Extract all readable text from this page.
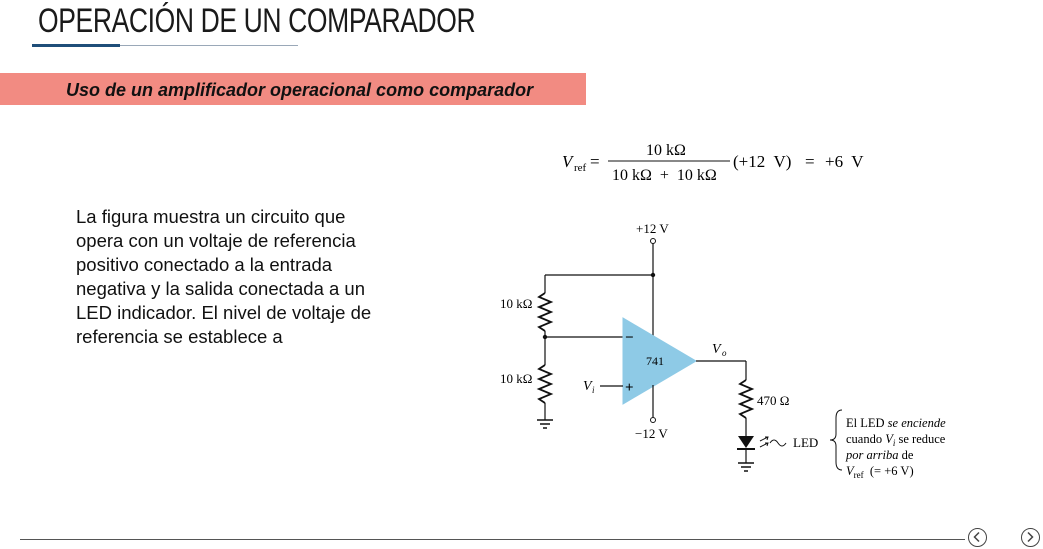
OPERACIÓN DE UN COMPARADOR
Uso de un amplificador operacional como comparador
La figura muestra un circuito que
opera con un voltaje de referencia
positivo conectado a la entrada
negativa y la salida conectada a un
LED indicador. El nivel de voltaje de
referencia se establece a
V ref =
10 kΩ
10 kΩ  +  10 kΩ
(+12  V) = +6  V
+12 V
10 kΩ
10 kΩ
−
+
741
V i
−12 V
V o
470 Ω
LED
El LED se enciende
cuando $V_i$ se reduce
por arriba de
$V_{ref}$  (= +6 V)
